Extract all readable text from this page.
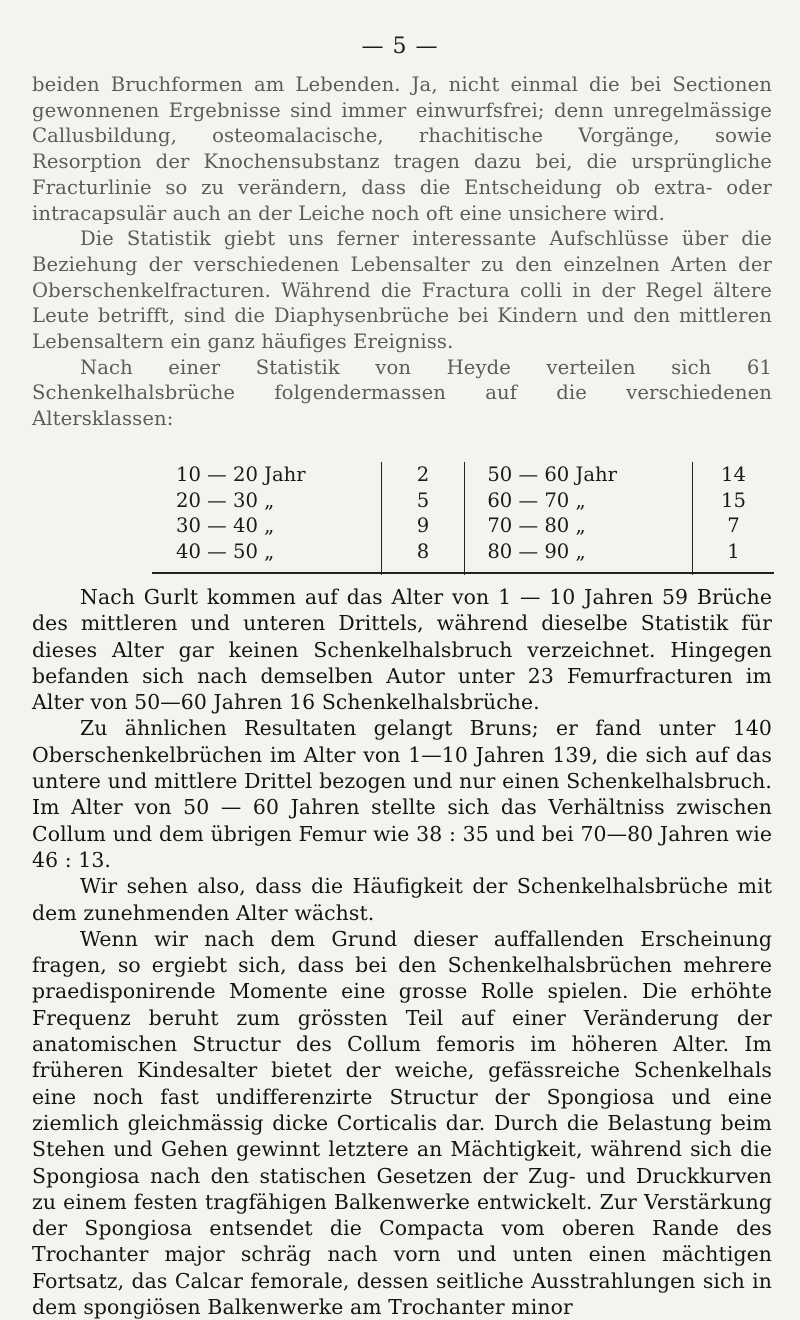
— 5 —

beiden Bruchformen am Lebenden. Ja, nicht einmal die bei Sectionen gewonnenen Ergebnisse sind immer einwurfsfrei; denn unregelmässige Callusbildung, osteomalacische, rhachitische Vorgänge, sowie Resorption der Knochensubstanz tragen dazu bei, die ursprüngliche Fracturlinie so zu verändern, dass die Entscheidung ob extra- oder intracapsulär auch an der Leiche noch oft eine unsichere wird.

Die Statistik giebt uns ferner interessante Aufschlüsse über die Beziehung der verschiedenen Lebensalter zu den einzelnen Arten der Oberschenkelfracturen. Während die Fractura colli in der Regel ältere Leute betrifft, sind die Diaphysenbrüche bei Kindern und den mittleren Lebensaltern ein ganz häufiges Ereigniss.

Nach einer Statistik von Heyde verteilen sich 61 Schenkelhalsbrüche folgendermassen auf die verschiedenen Altersklassen:

10 — 20 Jahr	2	50 — 60 Jahr	14
20 — 30 „	5	60 — 70 „	15
30 — 40 „	9	70 — 80 „	7
40 — 50 „	8	80 — 90 „	1

Nach Gurlt kommen auf das Alter von 1 — 10 Jahren 59 Brüche des mittleren und unteren Drittels, während dieselbe Statistik für dieses Alter gar keinen Schenkelhalsbruch verzeichnet. Hingegen befanden sich nach demselben Autor unter 23 Femurfracturen im Alter von 50—60 Jahren 16 Schenkelhalsbrüche.

Zu ähnlichen Resultaten gelangt Bruns; er fand unter 140 Oberschenkelbrüchen im Alter von 1—10 Jahren 139, die sich auf das untere und mittlere Drittel bezogen und nur einen Schenkelhalsbruch. Im Alter von 50 — 60 Jahren stellte sich das Verhältniss zwischen Collum und dem übrigen Femur wie 38 : 35 und bei 70—80 Jahren wie 46 : 13.

Wir sehen also, dass die Häufigkeit der Schenkelhalsbrüche mit dem zunehmenden Alter wächst.

Wenn wir nach dem Grund dieser auffallenden Erscheinung fragen, so ergiebt sich, dass bei den Schenkelhalsbrüchen mehrere praedisponirende Momente eine grosse Rolle spielen. Die erhöhte Frequenz beruht zum grössten Teil auf einer Veränderung der anatomischen Structur des Collum femoris im höheren Alter. Im früheren Kindesalter bietet der weiche, gefässreiche Schenkelhals eine noch fast undifferenzirte Structur der Spongiosa und eine ziemlich gleichmässig dicke Corticalis dar. Durch die Belastung beim Stehen und Gehen gewinnt letztere an Mächtigkeit, während sich die Spongiosa nach den statischen Gesetzen der Zug- und Druckkurven zu einem festen tragfähigen Balkenwerke entwickelt. Zur Verstärkung der Spongiosa entsendet die Compacta vom oberen Rande des Trochanter major schräg nach vorn und unten einen mächtigen Fortsatz, das Calcar femorale, dessen seitliche Ausstrahlungen sich in dem spongiösen Balkenwerke am Trochanter minor
